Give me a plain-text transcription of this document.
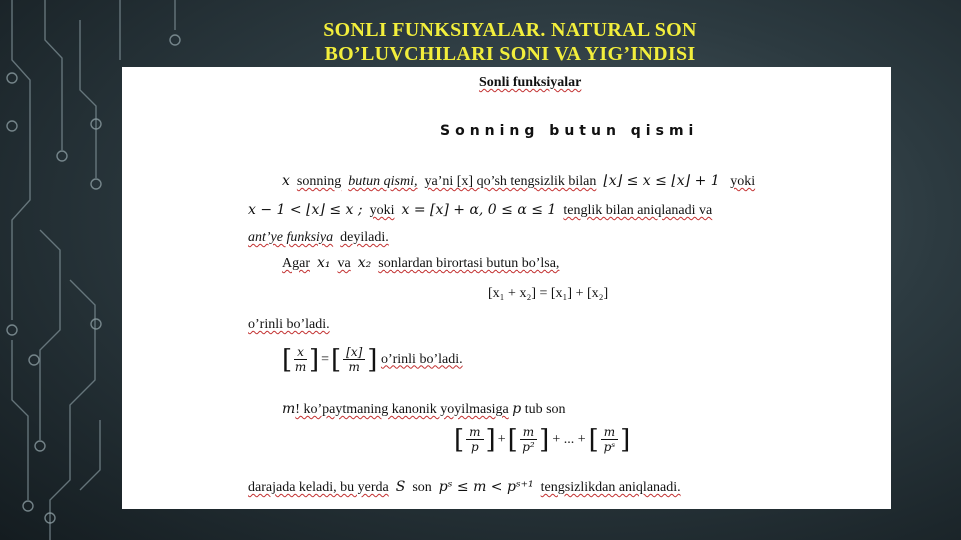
SONLI FUNKSIYALAR. NATURAL SON
BO’LUVCHILARI SONI VA YIG’INDISI
Sonli funksiyalar
Sonning butun qismi
x sonning butun qismi, ya’ni [x] qo’sh tengsizlik bilan ⌊x⌋ ≤ x ≤ ⌊x⌋ + 1 yoki
x − 1 < ⌊x⌋ ≤ x ; yoki x = [x] + α, 0 ≤ α ≤ 1 tenglik bilan aniqlanadi va
ant’ye funksiya deyiladi.
Agar x₁ va x₂ sonlardan birortasi butun bo’lsa,
[x₁ + x₂] = [x₁] + [x₂]
o’rinli bo’ladi.
[ $\frac{x}{m}$ ] = [ $\frac{[x]}{m}$ ]
o’rinli bo’ladi.
m! ko’paytmaning kanonik yoyilmasiga p tub son
[ $\frac{m}{p}$ ] + [ $\frac{m}{\text{p²}}$ ] + ... + [ $\frac{m}{\text{pˢ}}$ ]
darajada keladi, bu yerda S son pˢ ≤ m < pˢ⁺¹ tengsizlikdan aniqlanadi.
